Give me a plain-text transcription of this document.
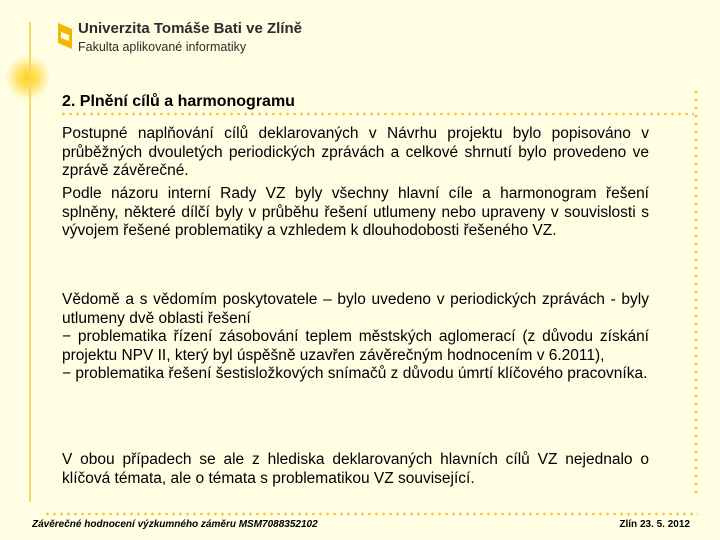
Univerzita Tomáše Bati ve Zlíně
Fakulta aplikované informatiky
2. Plnění cílů a harmonogramu

Postupné naplňování cílů deklarovaných v Návrhu projektu bylo popisováno v průběžných dvouletých periodických zprávách a celkové shrnutí bylo provedeno ve zprávě závěrečné.

Podle názoru interní Rady VZ byly všechny hlavní cíle a harmonogram řešení splněny, některé dílčí byly v průběhu řešení utlumeny nebo upraveny v souvislosti s vývojem řešené problematiky a vzhledem k dlouhodobosti řešeného VZ.

Vědomě a s vědomím poskytovatele – bylo uvedeno v periodických zprávách - byly utlumeny dvě oblasti řešení
− problematika řízení zásobování teplem městských aglomerací (z důvodu získání projektu NPV II, který byl úspěšně uzavřen závěrečným hodnocením v 6.2011),
− problematika řešení šestisložkových snímačů z důvodu úmrtí klíčového pracovníka.

V obou případech se ale z hlediska deklarovaných hlavních cílů VZ nejednalo o klíčová témata, ale o témata s problematikou VZ související.

Závěrečné hodnocení výzkumného záměru MSM7088352102	Zlín 23. 5. 2012
